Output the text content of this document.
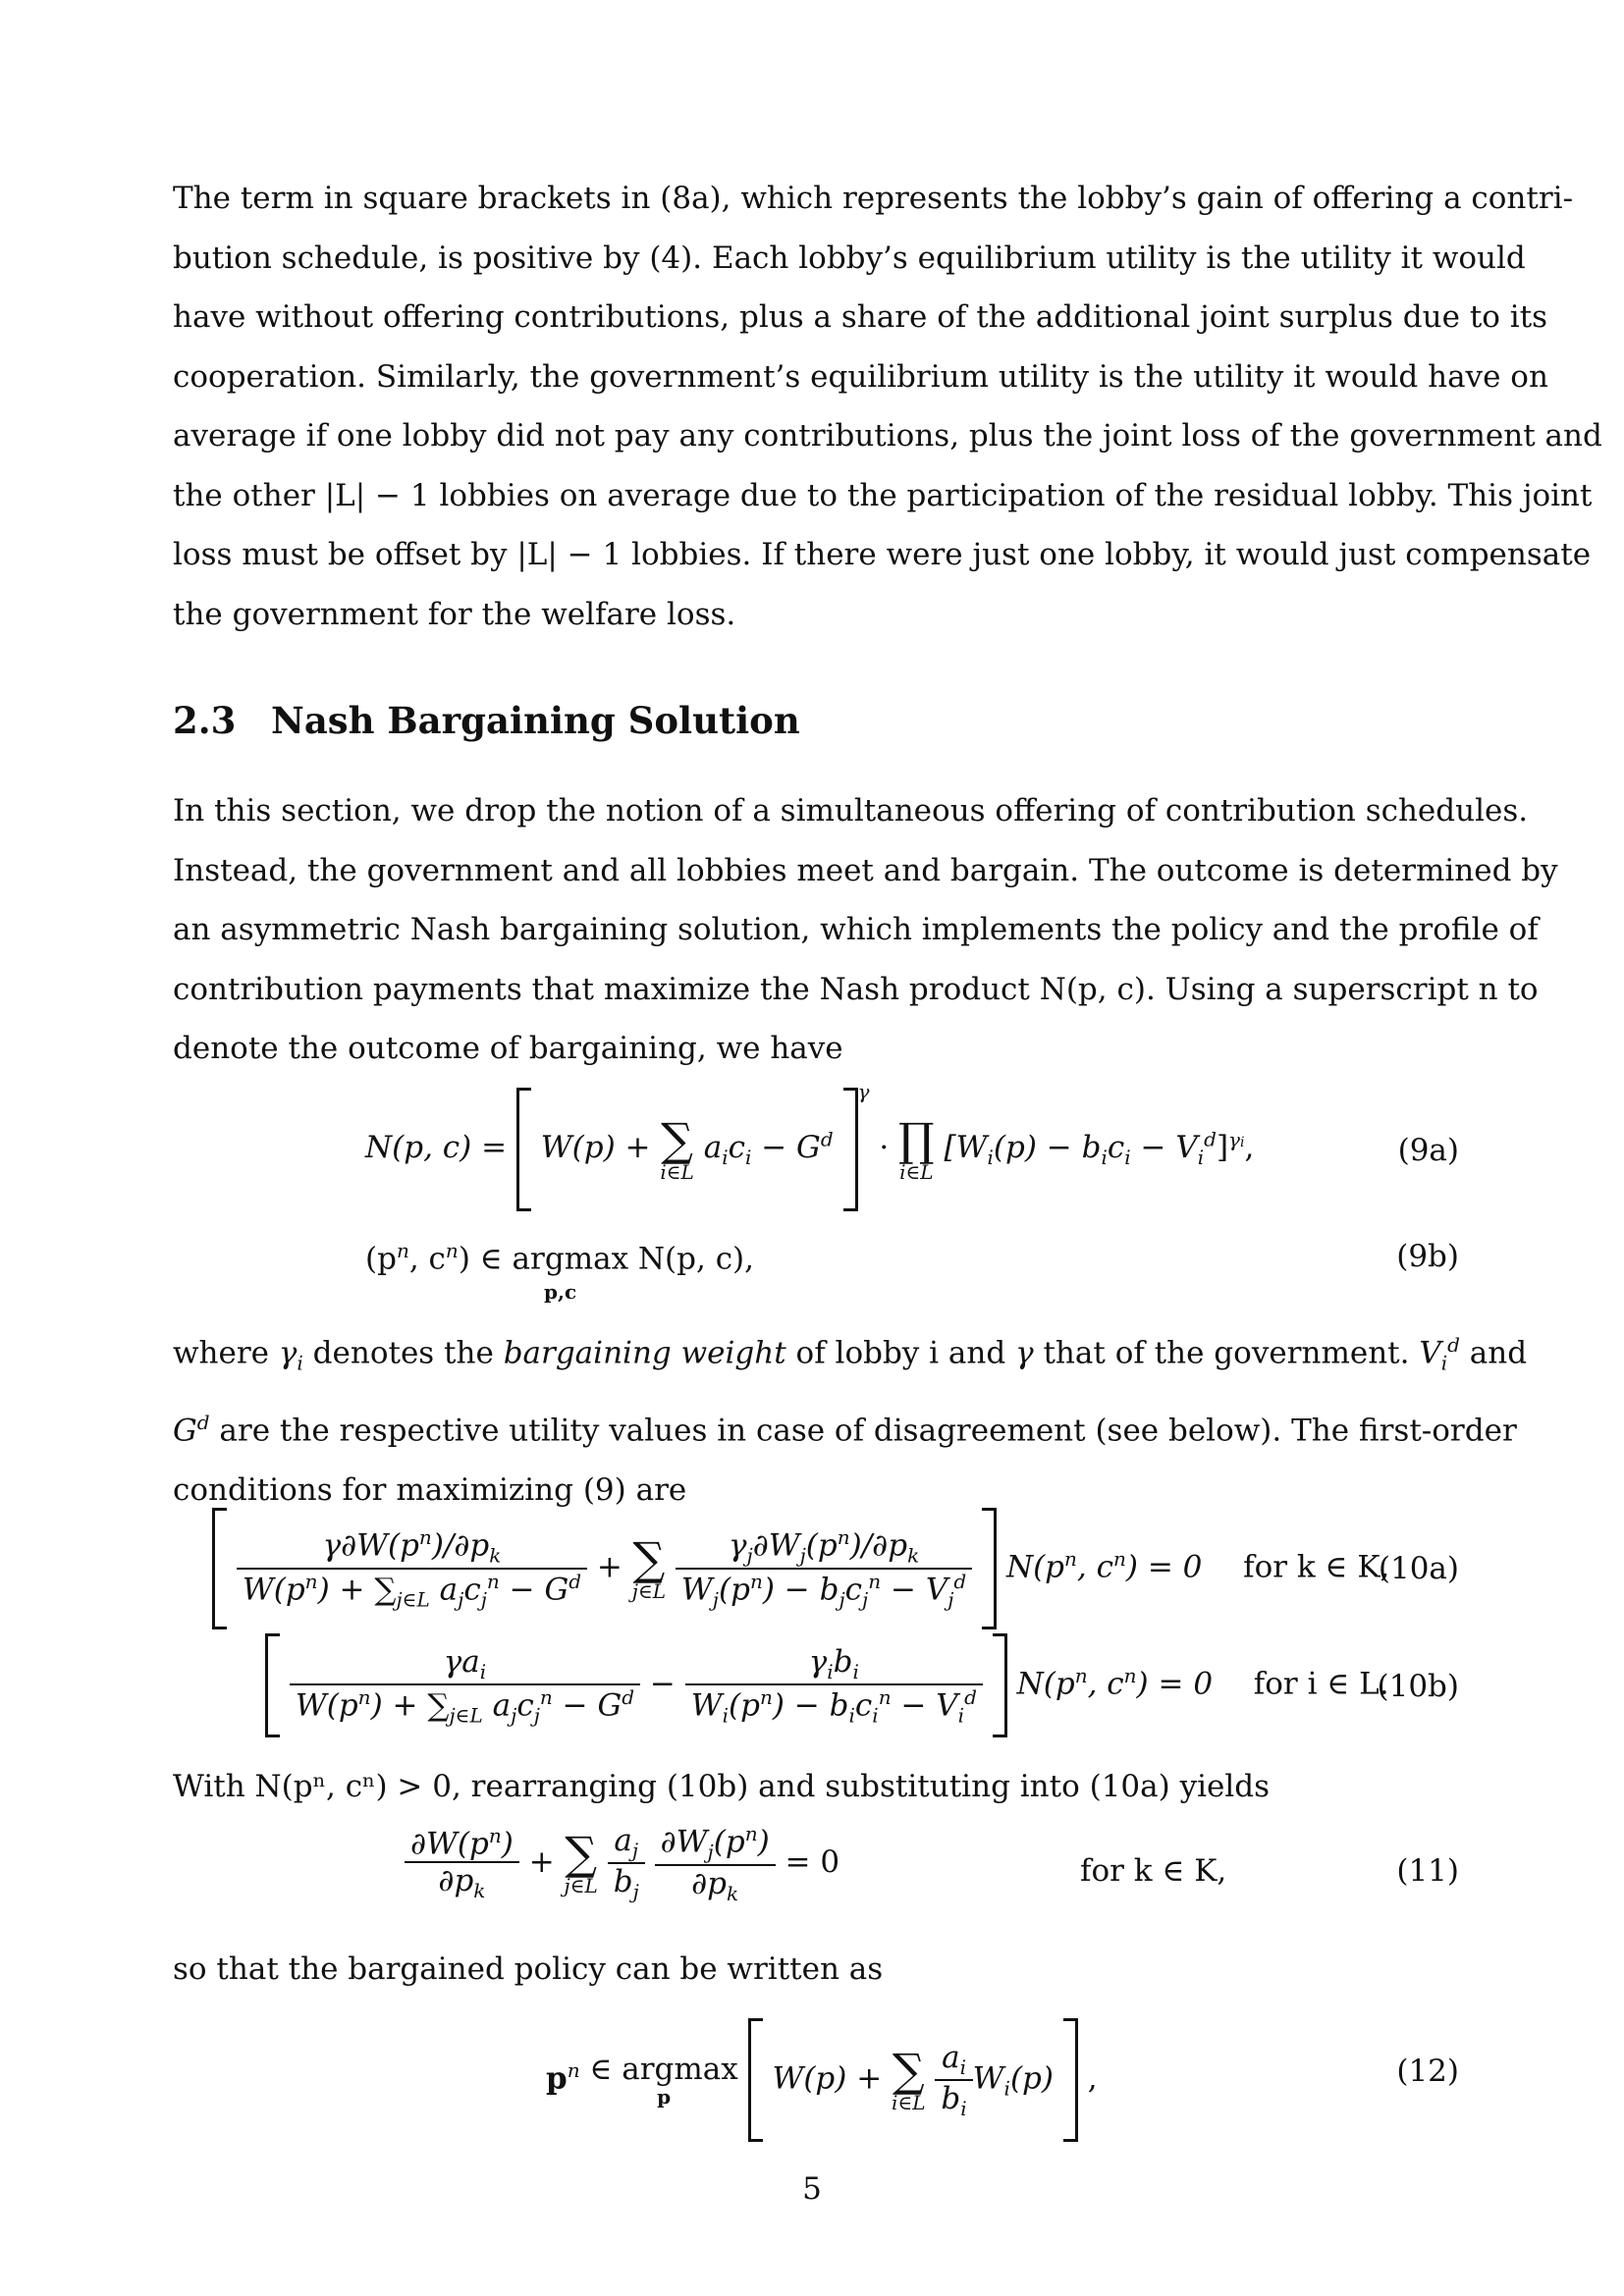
The term in square brackets in (8a), which represents the lobby’s gain of offering a contri-
bution schedule, is positive by (4). Each lobby’s equilibrium utility is the utility it would
have without offering contributions, plus a share of the additional joint surplus due to its
cooperation. Similarly, the government’s equilibrium utility is the utility it would have on
average if one lobby did not pay any contributions, plus the joint loss of the government and
the other |L| − 1 lobbies on average due to the participation of the residual lobby. This joint
loss must be offset by |L| − 1 lobbies. If there were just one lobby, it would just compensate
the government for the welfare loss.
2.3 Nash Bargaining Solution
In this section, we drop the notion of a simultaneous offering of contribution schedules.
Instead, the government and all lobbies meet and bargain. The outcome is determined by
an asymmetric Nash bargaining solution, which implements the policy and the profile of
contribution payments that maximize the Nash product N(p, c). Using a superscript n to
denote the outcome of bargaining, we have
N(p, c) = W(p) + ∑
i∈L
$a_ic_i - G^d$ $^\gamma$ · ∏
i∈L
$[W_i(p) - b_ic_i - V_i^d]^{\gamma i}$,	(9a)
($p^n$, $c^n$) ∈ argmax N(p, c),
p,c
(9b)
where $\gamma_i$ denotes the bargaining weight of lobby i and γ that of the government. $V_i^d$ and
$G^d$ are the respective utility values in case of disagreement (see below). The first-order
conditions for maximizing (9) are

$\frac{\gamma\partial W(p^n)/\partial p_k}{W(p^n) + \sum_{j\in L} a_jc_j^n - G^d}$ + ∑
j∈L
$\frac{\gamma_j\partial W_j(p^n)/\partial p_k}{W_j(p^n) - b_jc_j^n - V_j^d} N(p^n$, $c^n) = 0$ for k ∈ K,
(10a)

$\frac{\gamma a_i}{W(p^n) + \sum_{j\in L} a_jc_j^n - G^d} - \frac{\gamma_ib_i}{W_i(p^n) - b_ic_i^n - V_i^d} N(p^n$, $c^n) = 0$ for i ∈ L.
(10b)
With N(pⁿ, cⁿ) > 0, rearranging (10b) and substituting into (10a) yields
$\frac{\partial W(p^n)}{\partial p_k}$ + ∑
j∈L
$\frac{a_j}{b_j}$
$\frac{\partial W_j(p^n)}{\partial p_k} = 0$	for k ∈ K,	(11)
so that the bargained policy can be written as
$p^n$ ∈ argmax
p
W(p) + ∑
i∈L
$\frac{a_i}{b_i} W_i(p)$ ,	(12)
5
